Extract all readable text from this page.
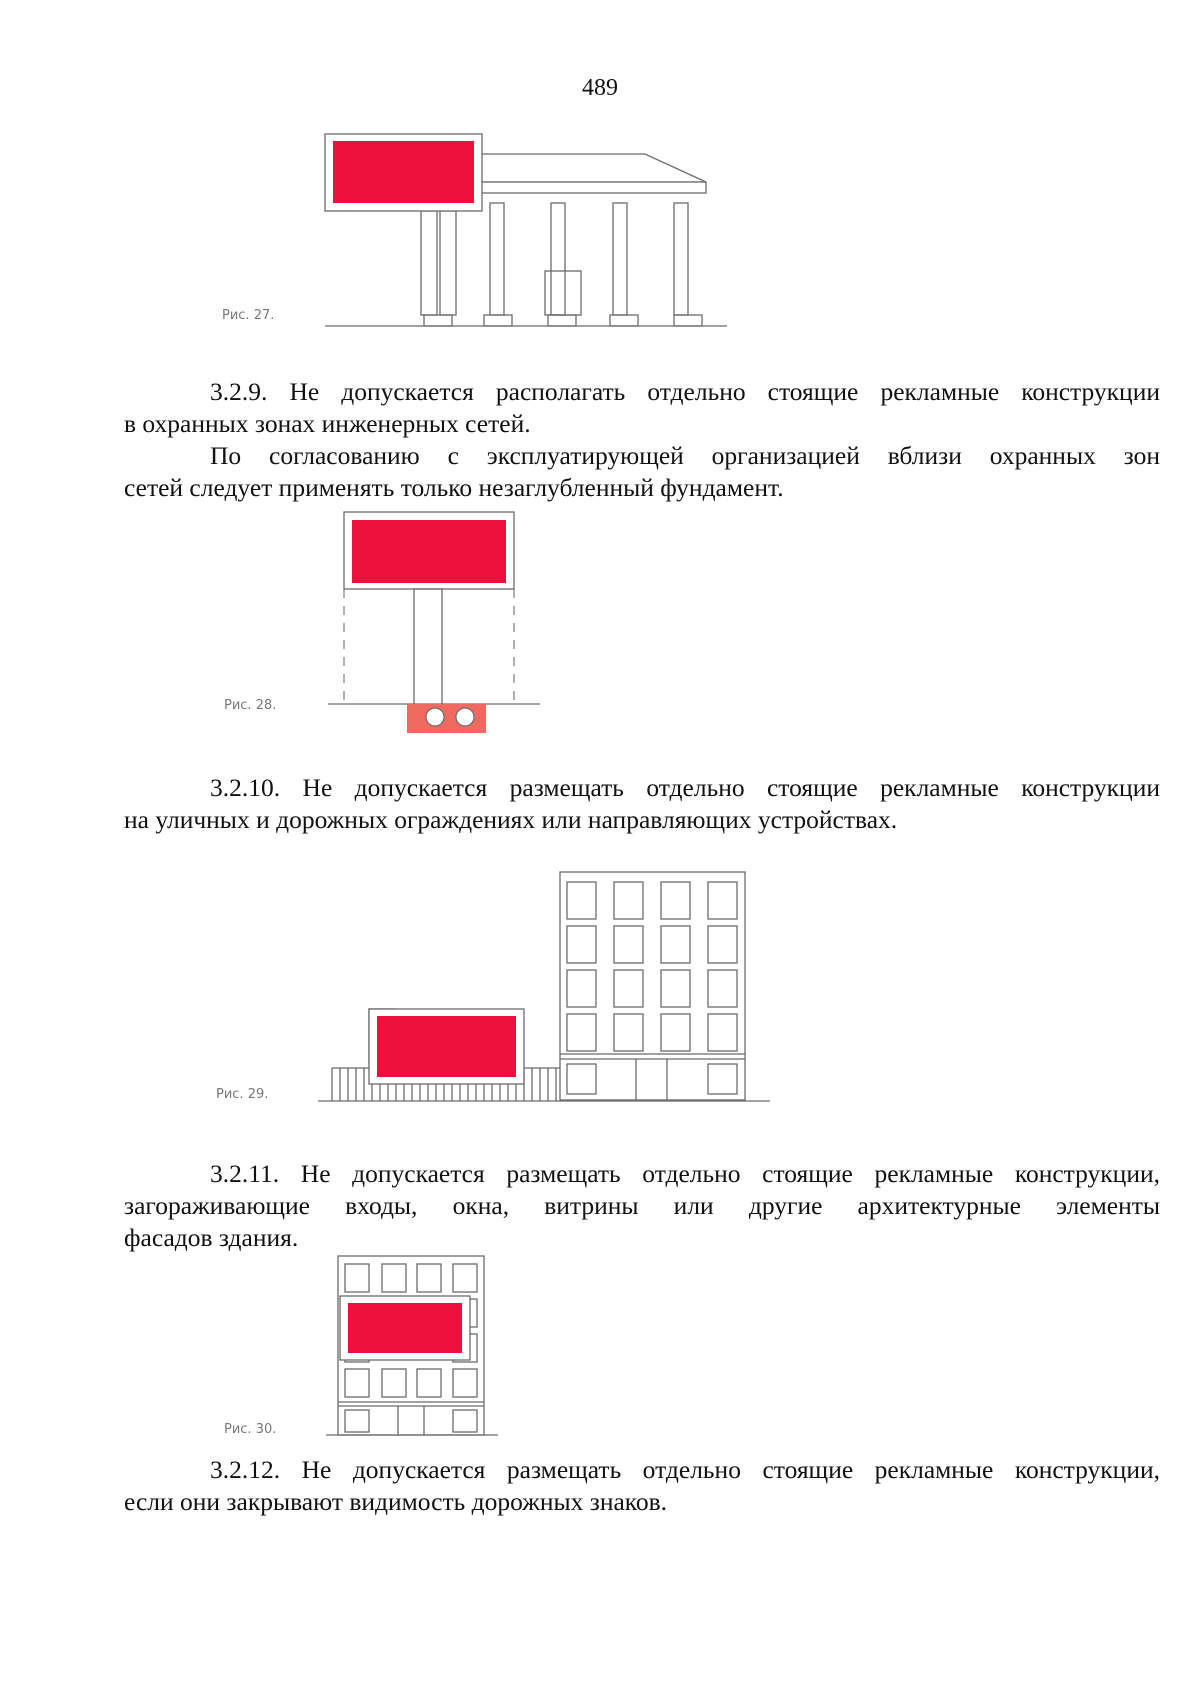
489
Рис. 27.
3.2.9. Не допускается располагать отдельно стоящие рекламные конструкции
в охранных зонах инженерных сетей.
По согласованию с эксплуатирующей организацией вблизи охранных зон
сетей следует применять только незаглубленный фундамент.
Рис. 28.
3.2.10. Не допускается размещать отдельно стоящие рекламные конструкции
на уличных и дорожных ограждениях или направляющих устройствах.
Рис. 29.
3.2.11. Не допускается размещать отдельно стоящие рекламные конструкции,
загораживающие входы, окна, витрины или другие архитектурные элементы
фасадов здания.
Рис. 30.
3.2.12. Не допускается размещать отдельно стоящие рекламные конструкции,
если они закрывают видимость дорожных знаков.
